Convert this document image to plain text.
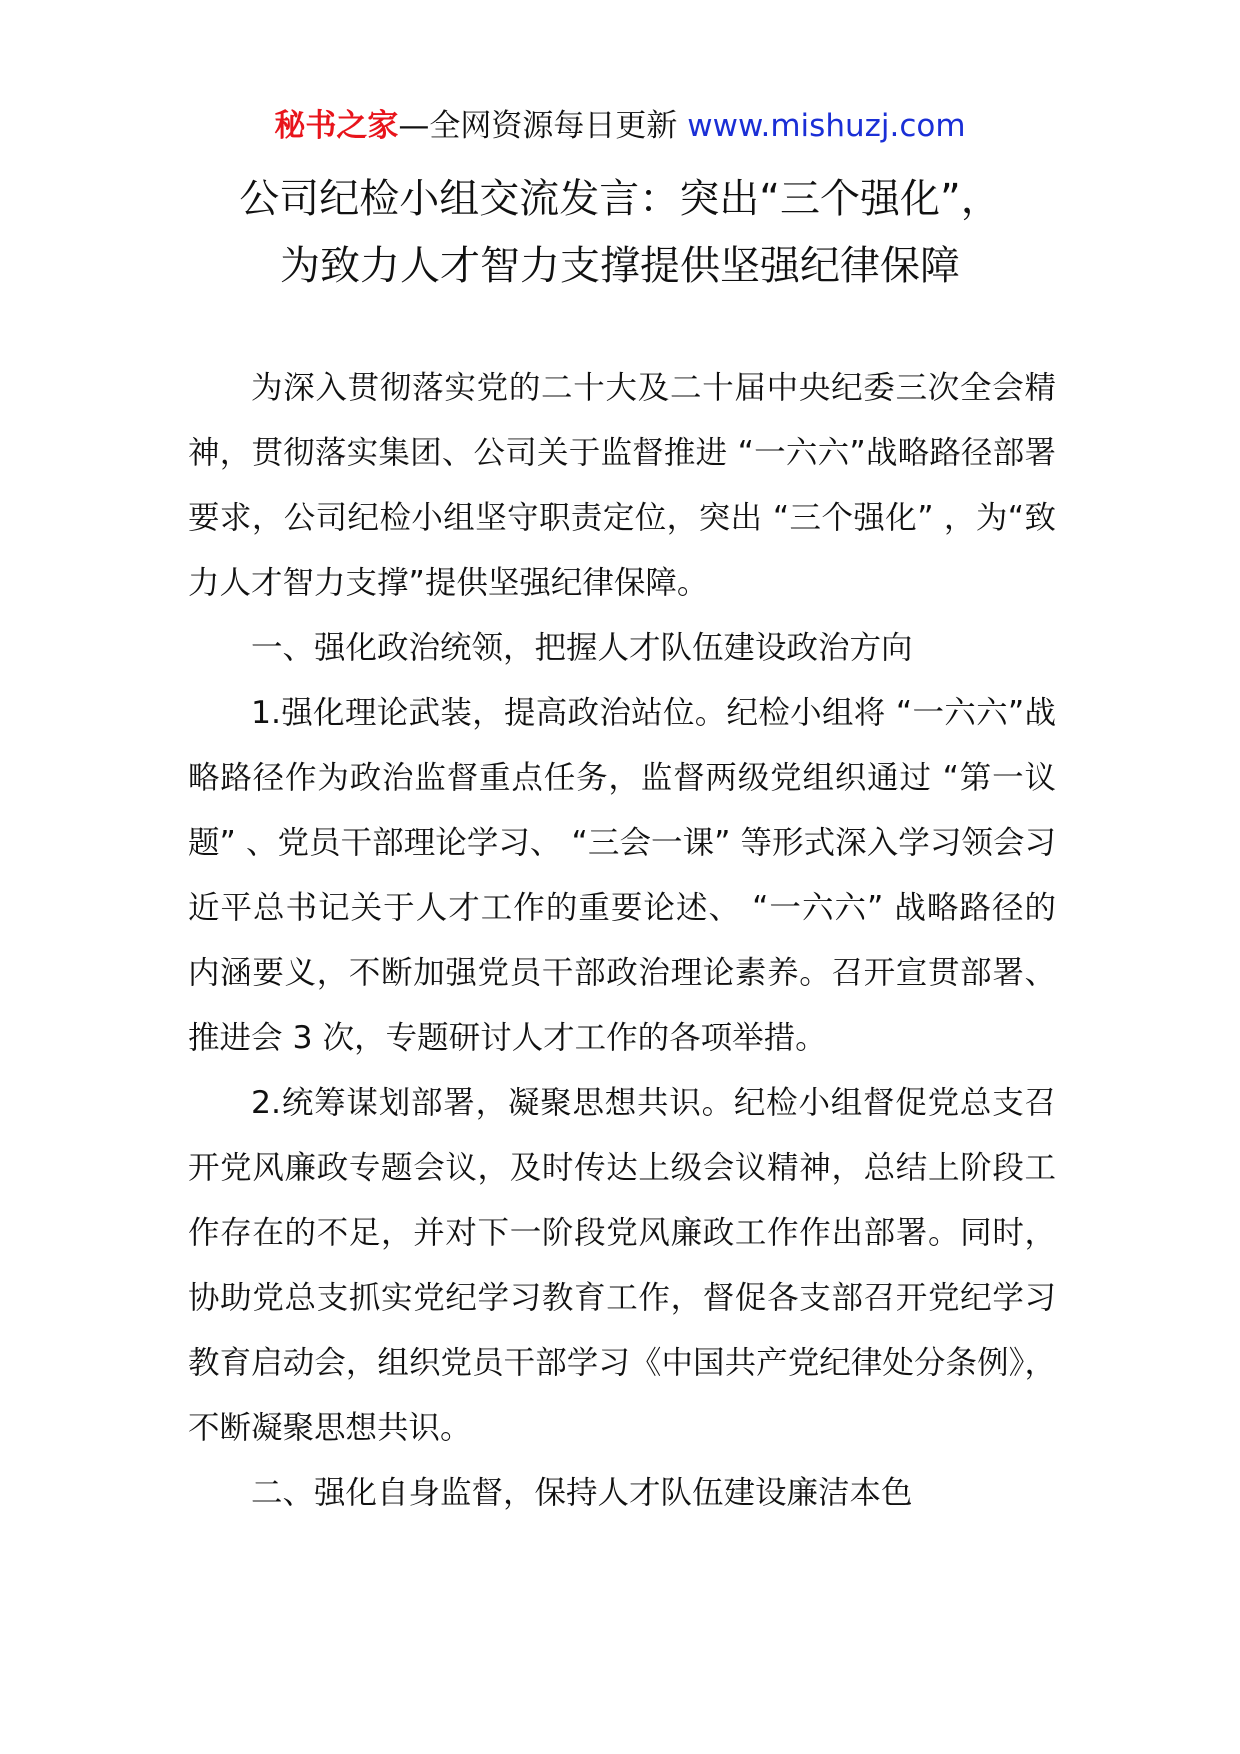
秘书之家—全网资源每日更新 www.mishuzj.com
公司纪检小组交流发言：突出“三个强化”，
为致力人才智力支撑提供坚强纪律保障

为深入贯彻落实党的二十大及二十届中央纪委三次全会精神，贯彻落实集团、公司关于监督推进 “一六六”战略路径部署要求，公司纪检小组坚守职责定位，突出 “三个强化” ，为“致力人才智力支撑”提供坚强纪律保障。

一、强化政治统领，把握人才队伍建设政治方向

1.强化理论武装，提高政治站位。纪检小组将 “一六六”战略路径作为政治监督重点任务，监督两级党组织通过 “第一议题” 、党员干部理论学习、 “三会一课” 等形式深入学习领会习近平总书记关于人才工作的重要论述、 “一六六” 战略路径的内涵要义，不断加强党员干部政治理论素养。召开宣贯部署、推进会 3 次，专题研讨人才工作的各项举措。

2.统筹谋划部署，凝聚思想共识。纪检小组督促党总支召开党风廉政专题会议，及时传达上级会议精神，总结上阶段工作存在的不足，并对下一阶段党风廉政工作作出部署。同时，协助党总支抓实党纪学习教育工作，督促各支部召开党纪学习教育启动会，组织党员干部学习《中国共产党纪律处分条例》，不断凝聚思想共识。

二、强化自身监督，保持人才队伍建设廉洁本色
